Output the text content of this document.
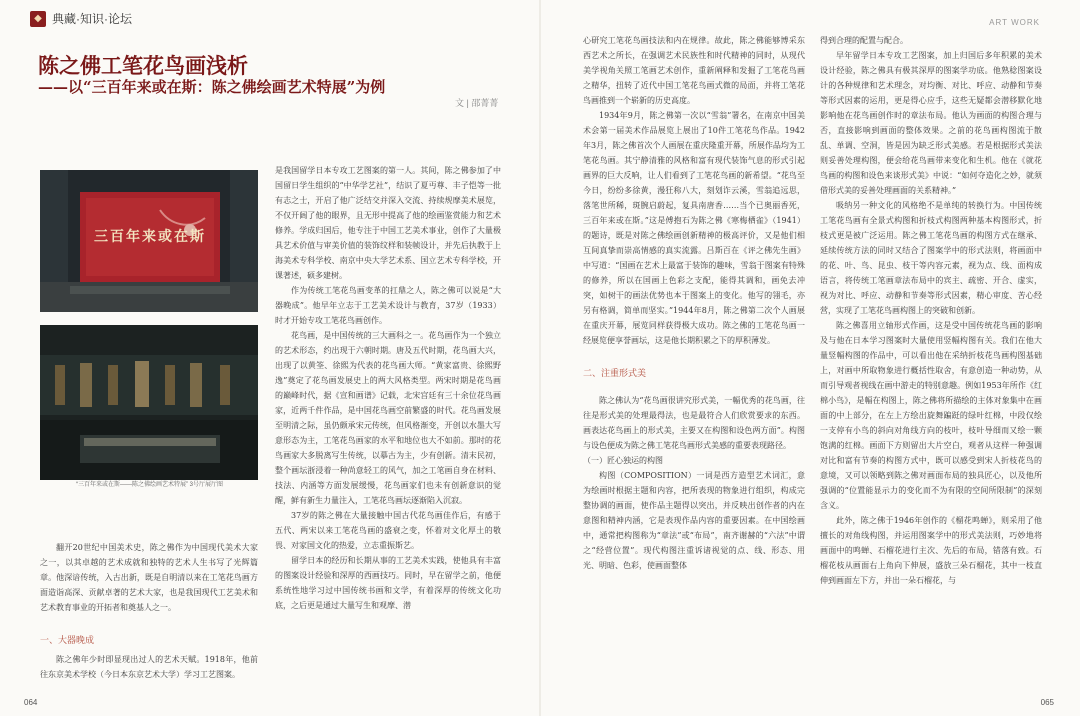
◆ 典藏·知识·论坛	ART WORK
陈之佛工笔花鸟画浅析
——以“三百年来或在斯：陈之佛绘画艺术特展”为例
文 | 邵菁菁
三百年来或在斯
“三百年来或在斯——陈之佛绘画艺术特展” 3号厅展厅图

翻开20世纪中国美术史，陈之佛作为中国现代美术大家之一，以其卓越的艺术成就和独特的艺术人生书写了光辉篇章。他深谙传统，入古出新，既是自明清以来在工笔花鸟画方面造诣高深、贡献卓著的艺术大家，也是我国现代工艺美术和艺术教育事业的开拓者和奠基人之一。

一、大器晚成

陈之佛年少时即显现出过人的艺术天赋。1918年，他前往东京美术学校（今日本东京艺术大学）学习工艺图案。

是我国留学日本专攻工艺图案的第一人。其间，陈之佛参加了中国留日学生组织的“中华学艺社”，结识了夏丏尊、丰子恺等一批有志之士，开启了他广泛结交并深入交流、持续规摩美术展览，不仅开阔了他的眼界，且无形中提高了他的绘画鉴赏能力和艺术修养。学成归国后，他专注于中国工艺美术事业，创作了大量极具艺术价值与审美价值的装饰纹样和装帧设计，并先后执教于上海美术专科学校、南京中央大学艺术系、国立艺术专科学校，开课著述，硕多建树。

作为传统工笔花鸟画变革的扛鼎之人，陈之佛可以说是“大器晚成”。他早年立志于工艺美术设计与教育，37岁（1933）时才开始专攻工笔花鸟画创作。

花鸟画，是中国传统的三大画科之一。花鸟画作为一个独立的艺术形态，约出现于六朝时期。唐及五代时期，花鸟画大兴，出现了以黄筌、徐熙为代表的花鸟画大师。“黄家富贵、徐熙野逸”奠定了花鸟画发展史上的两大风格类型。两宋时期是花鸟画的巅峰时代，据《宣和画谱》记载，北宋宫廷有三十余位花鸟画家，近两千件作品，是中国花鸟画空前繁盛的时代。花鸟画发展至明清之际，虽仍颇承宋元传统，但风格渐变，开创以水墨大写意形态为主，工笔花鸟画家的水平和地位也大不如前。那时的花鸟画家大多脱离写生传统，以摹古为主，少有创新。清末民初，整个画坛浙浸着一种尚意轻工的风气，加之工笔画自身在材料、技法、内涵等方面发展缓慢，花鸟画家们也未有创新意识的觉醒，鲜有新生力量注入，工笔花鸟画坛逐渐陷入沉寂。

37岁的陈之佛在大量接触中国古代花鸟画佳作后，有感于五代、两宋以来工笔花鸟画的盛衰之变，怀着对文化厚土的敬畏、对家国文化的热爱，立志重振斯艺。

留学日本的经历和长期从事的工艺美术实践，使他具有丰富的图案设计经验和深厚的西画技巧。同时，早在留学之前，他便系统性地学习过中国传统书画和文学，有着深厚的传统文化功底，之后更是通过大量写生和观摩、潜

心研究工笔花鸟画技法和内在规律。故此，陈之佛能够博采东西艺术之所长，在强调艺术民族性和时代精神的同时，从现代美学视角关照工笔画艺术创作，重新阐释和发掘了工笔花鸟画之精华，扭转了近代中国工笔花鸟画式微的局面，并将工笔花鸟画推到一个崭新的历史高度。

1934年9月，陈之佛第一次以“雪翁”署名，在南京中国美术会第一届美术作品展览上展出了10件工笔花鸟作品。1942年3月，陈之佛首次个人画展在重庆隆重开幕，所展作品均为工笔花鸟画。其宁静清雅的风格和富有现代装饰气息的形式引起画界的巨大反响，让人们看到了工笔花鸟画的新希望。“花鸟至今日，纷纷多徐黄，漫狂称八大，刻划诈云溪，雪翁追远思，落笔世所稀，斑腕启蔚起，复具南唐香……当个已奥丽香死，三百年来或在斯。”这是傅抱石为陈之佛《寒梅栖雀》（1941）的题诗，既是对陈之佛绘画创新精神的极高评价，又是他们相互间真挚而崇高情感的真实流露。吕斯百在《评之佛先生画》中写道：“国画在艺术上最富于装饰的趣味，雪翁于图案有特殊的修养，所以在国画上色彩之支配，能得其调和，画免去冲突，如树干的画法优势也本于图案上的变化。他写的翎毛，亦另有格调，简单而坚实。”1944年8月，陈之佛第二次个人画展在重庆开幕，展览同样获得极大成功。陈之佛的工笔花鸟画一经展览便享誉画坛，这是他长期积累之下的厚积薄发。

二、注重形式美

陈之佛认为“花鸟画很讲究形式美，一幅优秀的花鸟画，往往是形式美的处理最得法，也是最符合人们欣赏要求的东西。画表达花鸟画上的形式美，主要又在构图和设色两方面”。构图与设色便成为陈之佛工笔花鸟画形式美感的重要表现路径。

（一）匠心独运的构图

构图（COMPOSITION）一词是西方造型艺术词汇，意为绘画时根据主题和内容，把所表现的物象进行组织，构成完整协调的画面，使作品主题得以突出，并反映出创作者的内在意图和精神内涵，它是表现作品内容的重要因素。在中国绘画中，通常把构图称为“章法”或“布局”，南齐谢赫的“六法”中谓之“经营位置”。现代构图注重诉诸视觉的点、线、形态、用光、明暗、色彩，使画面整体

得到合理的配置与配合。

早年留学日本专攻工艺图案，加上归国后多年积累的美术设计经验，陈之佛具有极其深厚的图案学功底。他熟稔图案设计的各种规律和艺术理念，对均衡、对比、呼应、动静和节奏等形式因素的运用，更是得心应手，这些无疑都会潜移默化地影响他在花鸟画创作时的章法布局。他认为画面的构图合理与否，直接影响到画面的整体效果。之前的花鸟画构图流于散乱、单调、空洞，皆是因为缺乏形式美感。若是根据形式美法则妥善处理构图，便会给花鸟画带来变化和生机。他在《就花鸟画的构图和设色来谈形式美》中说：“如何夺造化之妙，就须借形式美的妥善处理画面的关系精神。”

吸纳另一种文化的风格绝不是单纯的转换行为。中国传统工笔花鸟画有全景式构图和折枝式构图两种基本构图形式，折枝式更是被广泛运用。陈之佛工笔花鸟画的构图方式在继承、延续传统方法的同时又结合了图案学中的形式法则，将画面中的花、叶、鸟、昆虫、枝干等内容元素，视为点、线、面构成语言，将传统工笔画章法布局中的宾主、疏密、开合、虚实，视为对比、呼应、动静和节奏等形式因素，精心审度、苦心经营，实现了工笔花鸟画构图上的突破和创新。

陈之佛喜用立轴形式作画，这是受中国传统花鸟画的影响及与他在日本学习图案时大量使用竖幅构图有关。我们在他大量竖幅构图的作品中，可以看出他在采纳折枝花鸟画构图基础上，对画中所取物象进行概括性取舍，有意创造一种动势，从而引导观者视线在画中游走的特别意趣。例如1953年所作《红棉小鸟》，是幅在构图上，陈之佛将所描绘的主体对象集中在画面的中上部分，在左上方绘出旋舞蹁跹的绿叶红棉，中段仅绘一支停有小鸟的斜向对角线方向的枝叶，枝叶导细而又绘一颗饱满的红棉。画面下方则留出大片空白，观者从这样一种强调对比和富有节奏的构图方式中，既可以感受到宋人折枝花鸟的意境，又可以领略到陈之佛对画面布局的独具匠心，以及他所强调的“位置能显示力的变化而不为有限的空间所限制”的深刻含义。

此外，陈之佛于1946年创作的《榴花鸣蝉》，则采用了他擅长的对角线构图，并运用图案学中的形式美法则，巧妙地将画面中的鸣蝉、石榴花进行主次、先后的布局，错落有致。石榴花枝从画面右上角向下伸展，盛放三朵石榴花，其中一枝直伸到画面左下方，并出一朵石榴花，与

064	065
